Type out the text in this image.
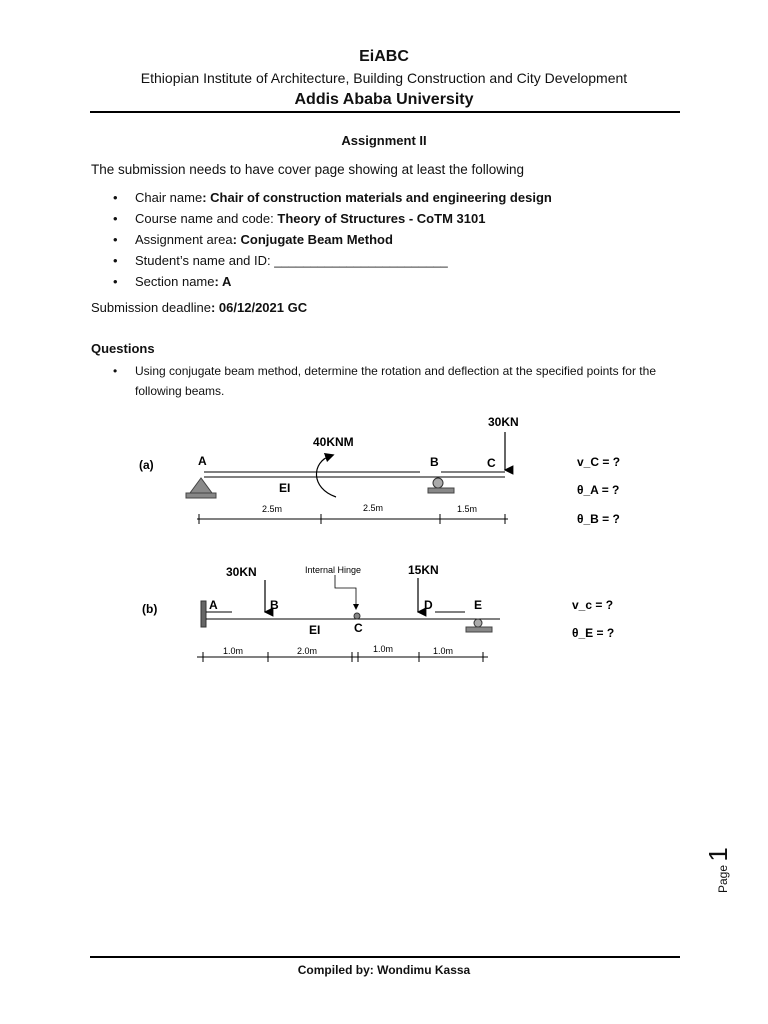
EiABC
Ethiopian Institute of Architecture, Building Construction and City Development
Addis Ababa University
Assignment II
The submission needs to have cover page showing at least the following
• Chair name: Chair of construction materials and engineering design
• Course name and code: Theory of Structures - CoTM 3101
• Assignment area: Conjugate Beam Method
• Student’s name and ID: ________________________
• Section name: A
Submission deadline: 06/12/2021 GC
Questions
• Using conjugate beam method, determine the rotation and deflection at the specified points for the following beams.
(a)
30KN
40KNM
A	B	C
EI
2.5m	2.5m	1.5m
v_C = ?
θ_A = ?
θ_B = ?
30KN	Internal Hinge	15KN
(b)	A	B
C
D	E
EI
1.0m	2.0m	1.0m	1.0m
v_c = ?
θ_E = ?
Page 1
Compiled by: Wondimu Kassa
